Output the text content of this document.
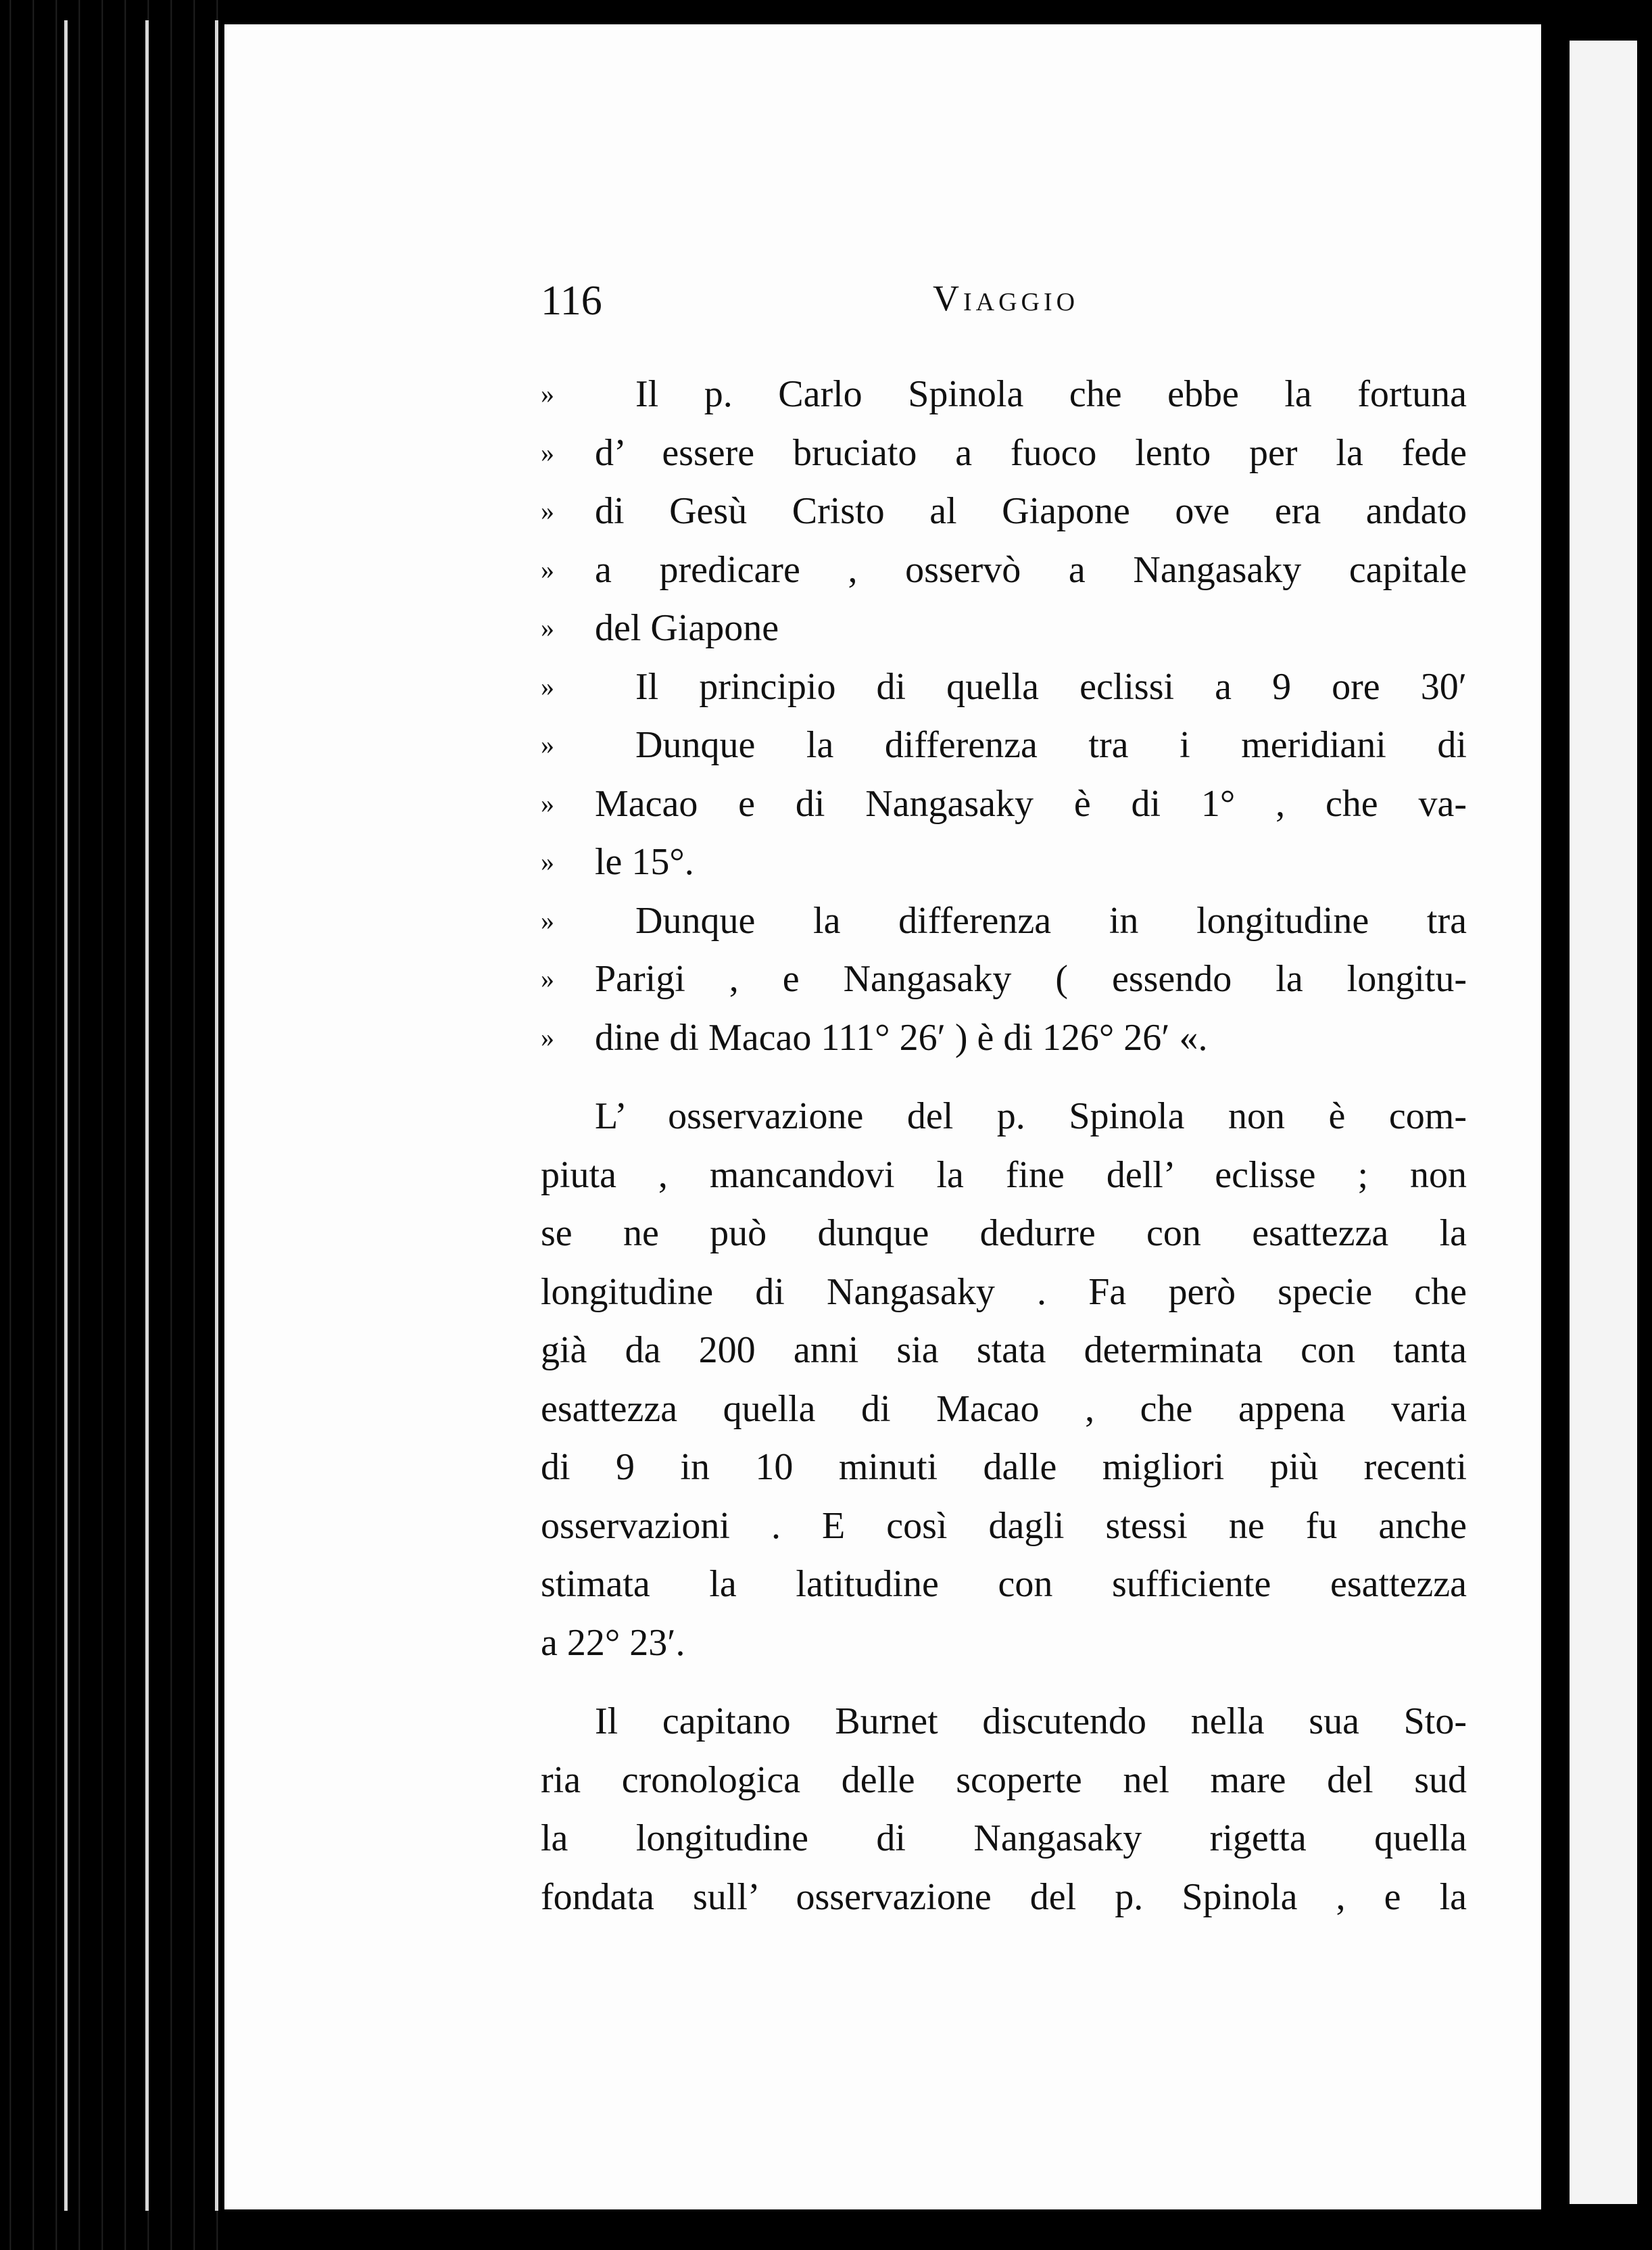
116	Viaggio
» Il p. Carlo Spinola che ebbe la fortuna
» d’ essere bruciato a fuoco lento per la fede
» di Gesù Cristo al Giapone ove era andato
» a predicare , osservò a Nangasaky capitale
» del Giapone
» Il principio di quella eclissi a 9 ore 30′
» Dunque la differenza tra i meridiani di
» Macao e di Nangasaky è di 1° , che va-
» le 15°.
» Dunque la differenza in longitudine tra
» Parigi , e Nangasaky ( essendo la longitu-
» dine di Macao 111° 26′ ) è di 126° 26′ «.
L’ osservazione del p. Spinola non è com-
piuta , mancandovi la fine dell’ eclisse ; non
se ne può dunque dedurre con esattezza la
longitudine di Nangasaky . Fa però specie che
già da 200 anni sia stata determinata con tanta
esattezza quella di Macao , che appena varia
di 9 in 10 minuti dalle migliori più recenti
osservazioni . E così dagli stessi ne fu anche
stimata la latitudine con sufficiente esattezza
a 22° 23′.
Il capitano Burnet discutendo nella sua Sto-
ria cronologica delle scoperte nel mare del sud
la longitudine di Nangasaky rigetta quella
fondata sull’ osservazione del p. Spinola , e la
